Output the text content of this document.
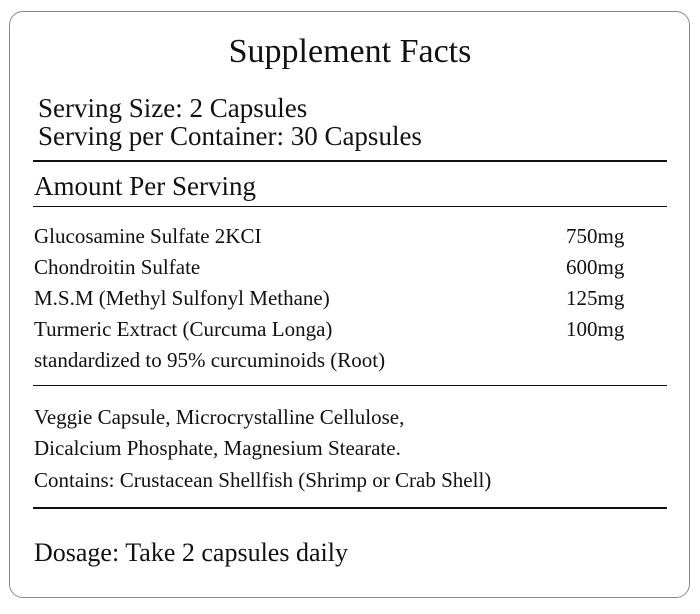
Supplement Facts
Serving Size: 2 Capsules
Serving per Container: 30 Capsules
Amount Per Serving
Glucosamine Sulfate 2KCI	750mg
Chondroitin Sulfate	600mg
M.S.M (Methyl Sulfonyl Methane)	125mg
Turmeric Extract (Curcuma Longa)	100mg
standardized to 95% curcuminoids (Root)
Veggie Capsule, Microcrystalline Cellulose,
Dicalcium Phosphate, Magnesium Stearate.
Contains: Crustacean Shellfish (Shrimp or Crab Shell)
Dosage: Take 2 capsules daily
